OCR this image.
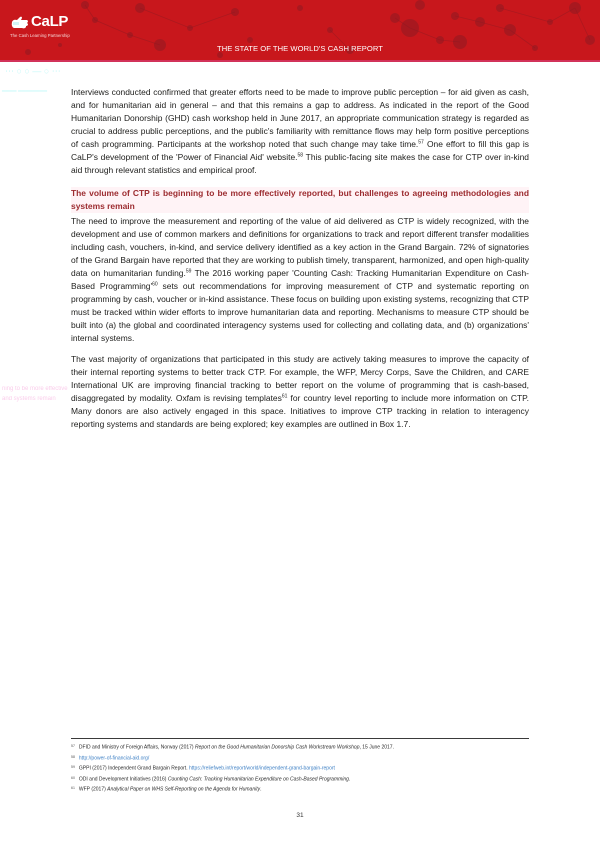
CaLP
The Cash Learning Partnership
THE STATE OF THE WORLD'S CASH REPORT
⋯ ○ ○ — ○ ⋯
━━━━ ━━━━━━━━
ning to be more effective
and systems remain

Interviews conducted confirmed that greater efforts need to be made to improve public perception – for aid given as cash, and for humanitarian aid in general – and that this remains a gap to address. As indicated in the report of the Good Humanitarian Donorship (GHD) cash workshop held in June 2017, an appropriate communication strategy is regarded as crucial to address public perceptions, and the public's familiarity with remittance flows may help form positive perceptions of cash programming. Participants at the workshop noted that such change may take time.$^{57}$ One effort to fill this gap is CaLP's development of the 'Power of Financial Aid' website.$^{58}$ This public-facing site makes the case for CTP over in-kind aid through relevant statistics and empirical proof.

The volume of CTP is beginning to be more effectively reported, but challenges to agreeing methodologies and systems remain

The need to improve the measurement and reporting of the value of aid delivered as CTP is widely recognized, with the development and use of common markers and definitions for organizations to track and report different transfer modalities including cash, vouchers, in-kind, and service delivery identified as a key action in the Grand Bargain. 72% of signatories of the Grand Bargain have reported that they are working to publish timely, transparent, harmonized, and open high-quality data on humanitarian funding.$^{59}$ The 2016 working paper 'Counting Cash: Tracking Humanitarian Expenditure on Cash-Based $Programming'^{60}$ sets out recommendations for improving measurement of CTP and systematic reporting on programming by cash, voucher or in-kind assistance. These focus on building upon existing systems, recognizing that CTP must be tracked within wider efforts to improve humanitarian data and reporting. Mechanisms to measure CTP should be built into (a) the global and coordinated interagency systems used for collecting and collating data, and (b) organizations' internal systems.

The vast majority of organizations that participated in this study are actively taking measures to improve the capacity of their internal reporting systems to better track CTP. For example, the WFP, Mercy Corps, Save the Children, and CARE International UK are improving financial tracking to better report on the volume of programming that is cash-based, disaggregated by modality. Oxfam is revising templates$^{61}$ for country level reporting to include more information on CTP. Many donors are also actively engaged in this space. Initiatives to improve CTP tracking in relation to interagency reporting systems and standards are being explored; key examples are outlined in Box 1.7.

$^{57}$ DFID and Ministry of Foreign Affairs, Norway (2017) Report on the Good Humanitarian Donorship Cash Workstream Workshop, 15 June 2017.
$^{58}$ http://power-of-financial-aid.org/
$^{59}$ GPPI (2017) Independent Grand Bargain Report. https://reliefweb.int/report/world/independent-grand-bargain-report
$^{60}$ ODI and Development Initiatives (2016) Counting Cash: Tracking Humanitarian Expenditure on Cash-Based Programming.
$^{61}$ WFP (2017) Analytical Paper on WHS Self-Reporting on the Agenda for Humanity.
31
